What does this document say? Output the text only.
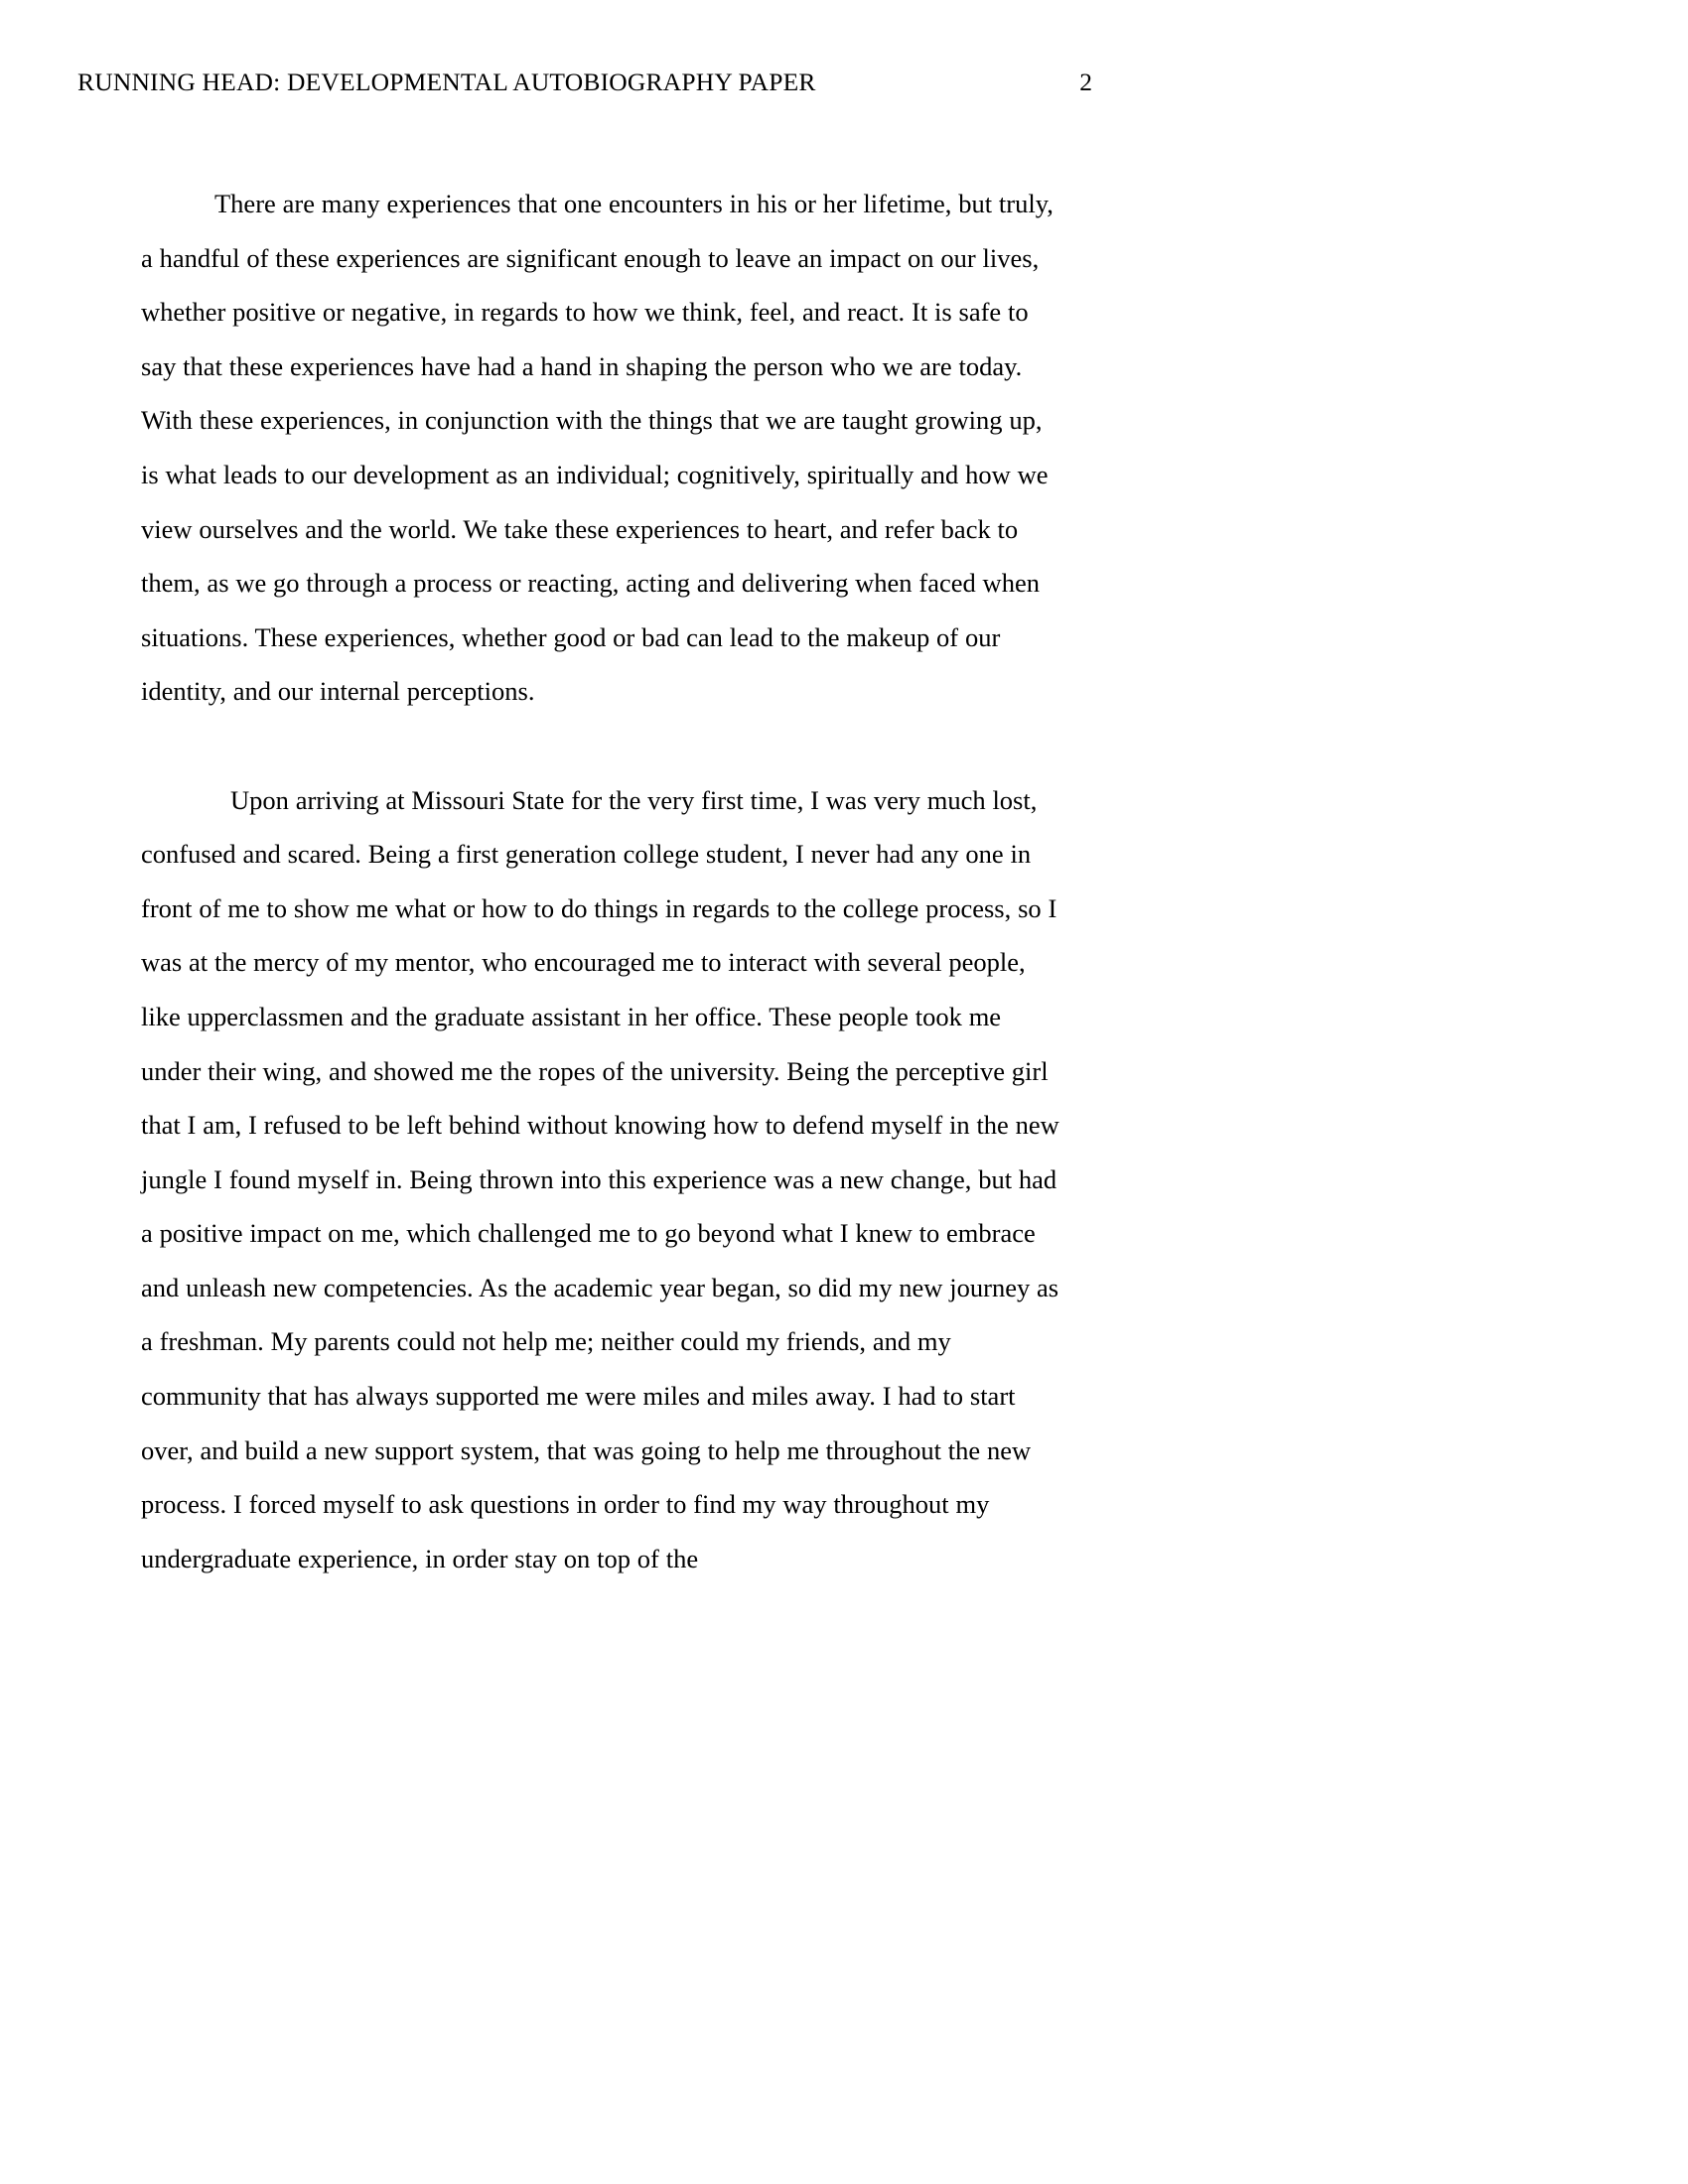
RUNNING HEAD: DEVELOPMENTAL AUTOBIOGRAPHY PAPER	2

There are many experiences that one encounters in his or her lifetime, but truly, a handful of these experiences are significant enough to leave an impact on our lives, whether positive or negative, in regards to how we think, feel, and react. It is safe to say that these experiences have had a hand in shaping the person who we are today. With these experiences, in conjunction with the things that we are taught growing up, is what leads to our development as an individual; cognitively, spiritually and how we view ourselves and the world. We take these experiences to heart, and refer back to them, as we go through a process or reacting, acting and delivering when faced when situations. These experiences, whether good or bad can lead to the makeup of our identity, and our internal perceptions.

Upon arriving at Missouri State for the very first time, I was very much lost, confused and scared. Being a first generation college student, I never had any one in front of me to show me what or how to do things in regards to the college process, so I was at the mercy of my mentor, who encouraged me to interact with several people, like upperclassmen and the graduate assistant in her office. These people took me under their wing, and showed me the ropes of the university. Being the perceptive girl that I am, I refused to be left behind without knowing how to defend myself in the new jungle I found myself in. Being thrown into this experience was a new change, but had a positive impact on me, which challenged me to go beyond what I knew to embrace and unleash new competencies. As the academic year began, so did my new journey as a freshman. My parents could not help me; neither could my friends, and my community that has always supported me were miles and miles away. I had to start over, and build a new support system, that was going to help me throughout the new process. I forced myself to ask questions in order to find my way throughout my undergraduate experience, in order stay on top of the
